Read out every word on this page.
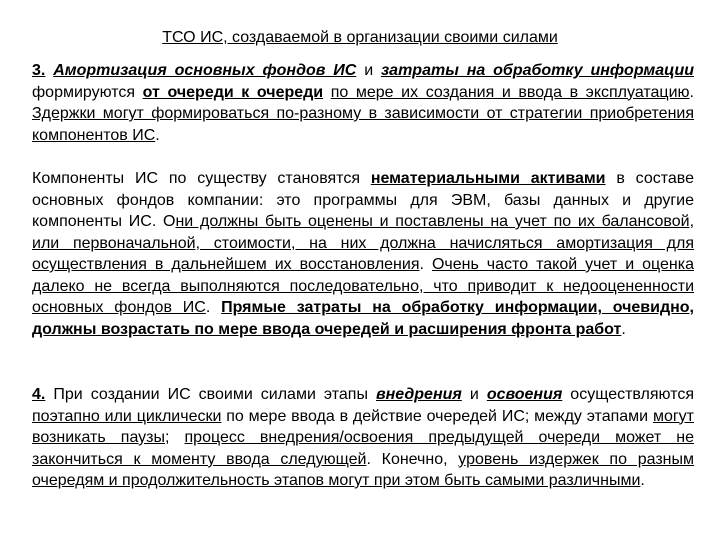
ТСО ИС, создаваемой в организации своими силами

3. Амортизация основных фондов ИС и затраты на обработку информации формируются от очереди к очереди по мере их создания и ввода в эксплуатацию. Здержки могут формироваться по-разному в зависимости от стратегии приобретения компонентов ИС.

Компоненты ИС по существу становятся нематериальными активами в составе основных фондов компании: это программы для ЭВМ, базы данных и другие компоненты ИС. Они должны быть оценены и поставлены на учет по их балансовой, или первоначальной, стоимости, на них должна начисляться амортизация для осуществления в дальнейшем их восстановления. Очень часто такой учет и оценка далеко не всегда выполняются последовательно, что приводит к недооцененности основных фондов ИС. Прямые затраты на обработку информации, очевидно, должны возрастать по мере ввода очередей и расширения фронта работ.

4. При создании ИС своими силами этапы внедрения и освоения осуществляются поэтапно или циклически по мере ввода в действие очередей ИС; между этапами могут возникать паузы; процесс внедрения/освоения предыдущей очереди может не закончиться к моменту ввода следующей. Конечно, уровень издержек по разным очередям и продолжительность этапов могут при этом быть самыми различными.
